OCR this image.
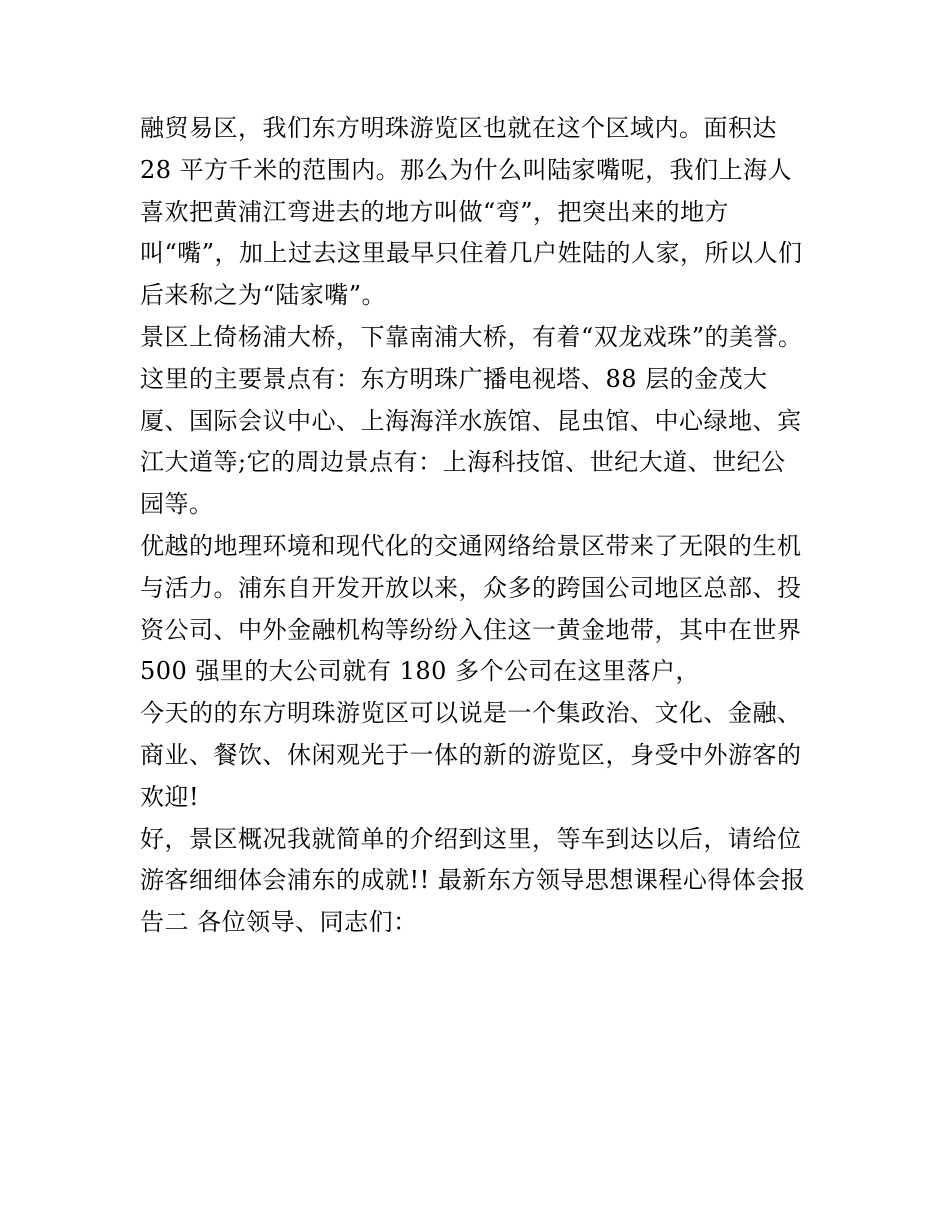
融贸易区，我们东方明珠游览区也就在这个区域内。面积达
28 平方千米的范围内。那么为什么叫陆家嘴呢，我们上海人
喜欢把黄浦江弯进去的地方叫做“弯”，把突出来的地方
叫“嘴”，加上过去这里最早只住着几户姓陆的人家，所以人们
后来称之为“陆家嘴”。
景区上倚杨浦大桥，下靠南浦大桥，有着“双龙戏珠”的美誉。
这里的主要景点有：东方明珠广播电视塔、88 层的金茂大
厦、国际会议中心、上海海洋水族馆、昆虫馆、中心绿地、宾
江大道等;它的周边景点有：上海科技馆、世纪大道、世纪公
园等。
优越的地理环境和现代化的交通网络给景区带来了无限的生机
与活力。浦东自开发开放以来，众多的跨国公司地区总部、投
资公司、中外金融机构等纷纷入住这一黄金地带，其中在世界
500 强里的大公司就有 180 多个公司在这里落户，
今天的的东方明珠游览区可以说是一个集政治、文化、金融、
商业、餐饮、休闲观光于一体的新的游览区，身受中外游客的
欢迎!
好，景区概况我就简单的介绍到这里，等车到达以后，请给位
游客细细体会浦东的成就!! 最新东方领导思想课程心得体会报
告二 各位领导、同志们：
